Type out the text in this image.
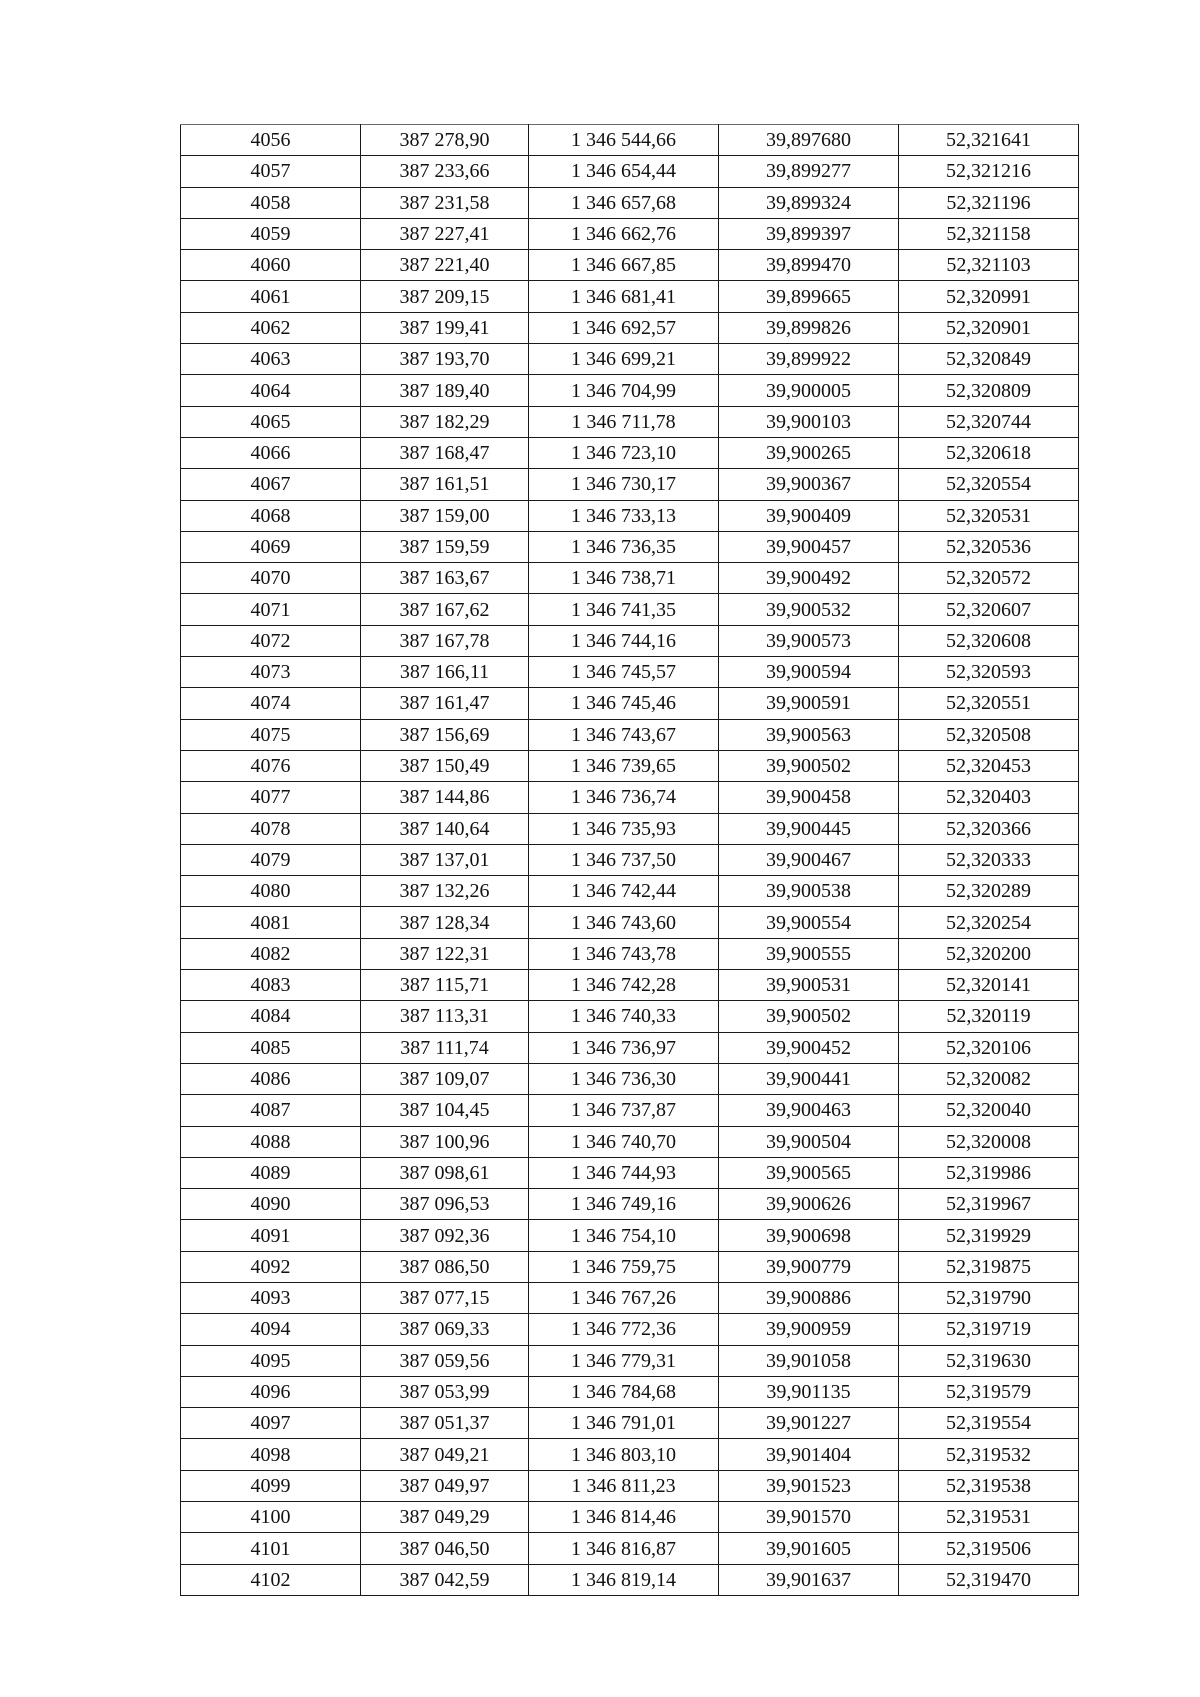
4056	387 278,90	1 346 544,66	39,897680	52,321641
4057	387 233,66	1 346 654,44	39,899277	52,321216
4058	387 231,58	1 346 657,68	39,899324	52,321196
4059	387 227,41	1 346 662,76	39,899397	52,321158
4060	387 221,40	1 346 667,85	39,899470	52,321103
4061	387 209,15	1 346 681,41	39,899665	52,320991
4062	387 199,41	1 346 692,57	39,899826	52,320901
4063	387 193,70	1 346 699,21	39,899922	52,320849
4064	387 189,40	1 346 704,99	39,900005	52,320809
4065	387 182,29	1 346 711,78	39,900103	52,320744
4066	387 168,47	1 346 723,10	39,900265	52,320618
4067	387 161,51	1 346 730,17	39,900367	52,320554
4068	387 159,00	1 346 733,13	39,900409	52,320531
4069	387 159,59	1 346 736,35	39,900457	52,320536
4070	387 163,67	1 346 738,71	39,900492	52,320572
4071	387 167,62	1 346 741,35	39,900532	52,320607
4072	387 167,78	1 346 744,16	39,900573	52,320608
4073	387 166,11	1 346 745,57	39,900594	52,320593
4074	387 161,47	1 346 745,46	39,900591	52,320551
4075	387 156,69	1 346 743,67	39,900563	52,320508
4076	387 150,49	1 346 739,65	39,900502	52,320453
4077	387 144,86	1 346 736,74	39,900458	52,320403
4078	387 140,64	1 346 735,93	39,900445	52,320366
4079	387 137,01	1 346 737,50	39,900467	52,320333
4080	387 132,26	1 346 742,44	39,900538	52,320289
4081	387 128,34	1 346 743,60	39,900554	52,320254
4082	387 122,31	1 346 743,78	39,900555	52,320200
4083	387 115,71	1 346 742,28	39,900531	52,320141
4084	387 113,31	1 346 740,33	39,900502	52,320119
4085	387 111,74	1 346 736,97	39,900452	52,320106
4086	387 109,07	1 346 736,30	39,900441	52,320082
4087	387 104,45	1 346 737,87	39,900463	52,320040
4088	387 100,96	1 346 740,70	39,900504	52,320008
4089	387 098,61	1 346 744,93	39,900565	52,319986
4090	387 096,53	1 346 749,16	39,900626	52,319967
4091	387 092,36	1 346 754,10	39,900698	52,319929
4092	387 086,50	1 346 759,75	39,900779	52,319875
4093	387 077,15	1 346 767,26	39,900886	52,319790
4094	387 069,33	1 346 772,36	39,900959	52,319719
4095	387 059,56	1 346 779,31	39,901058	52,319630
4096	387 053,99	1 346 784,68	39,901135	52,319579
4097	387 051,37	1 346 791,01	39,901227	52,319554
4098	387 049,21	1 346 803,10	39,901404	52,319532
4099	387 049,97	1 346 811,23	39,901523	52,319538
4100	387 049,29	1 346 814,46	39,901570	52,319531
4101	387 046,50	1 346 816,87	39,901605	52,319506
4102	387 042,59	1 346 819,14	39,901637	52,319470
